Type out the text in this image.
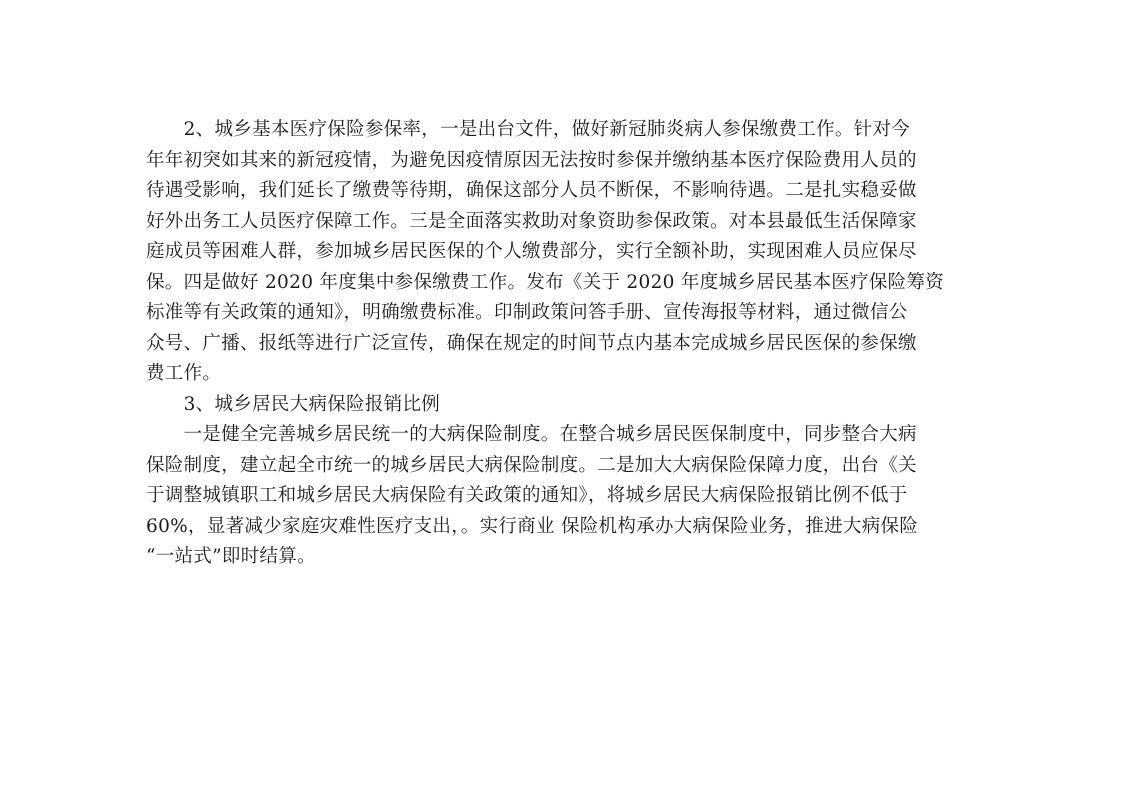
　　2、城乡基本医疗保险参保率，一是出台文件，做好新冠肺炎病人参保缴费工作。针对今
年年初突如其来的新冠疫情，为避免因疫情原因无法按时参保并缴纳基本医疗保险费用人员的
待遇受影响，我们延长了缴费等待期，确保这部分人员不断保，不影响待遇。二是扎实稳妥做
好外出务工人员医疗保障工作。三是全面落实救助对象资助参保政策。对本县最低生活保障家
庭成员等困难人群，参加城乡居民医保的个人缴费部分，实行全额补助，实现困难人员应保尽
保。四是做好 2020 年度集中参保缴费工作。发布《关于 2020 年度城乡居民基本医疗保险筹资
标准等有关政策的通知》，明确缴费标准。印制政策问答手册、宣传海报等材料，通过微信公
众号、广播、报纸等进行广泛宣传，确保在规定的时间节点内基本完成城乡居民医保的参保缴
费工作。
　　3、城乡居民大病保险报销比例
　　一是健全完善城乡居民统一的大病保险制度。在整合城乡居民医保制度中，同步整合大病
保险制度，建立起全市统一的城乡居民大病保险制度。二是加大大病保险保障力度，出台《关
于调整城镇职工和城乡居民大病保险有关政策的通知》，将城乡居民大病保险报销比例不低于
60%，显著减少家庭灾难性医疗支出，。实行商业 保险机构承办大病保险业务，推进大病保险
“一站式”即时结算。
